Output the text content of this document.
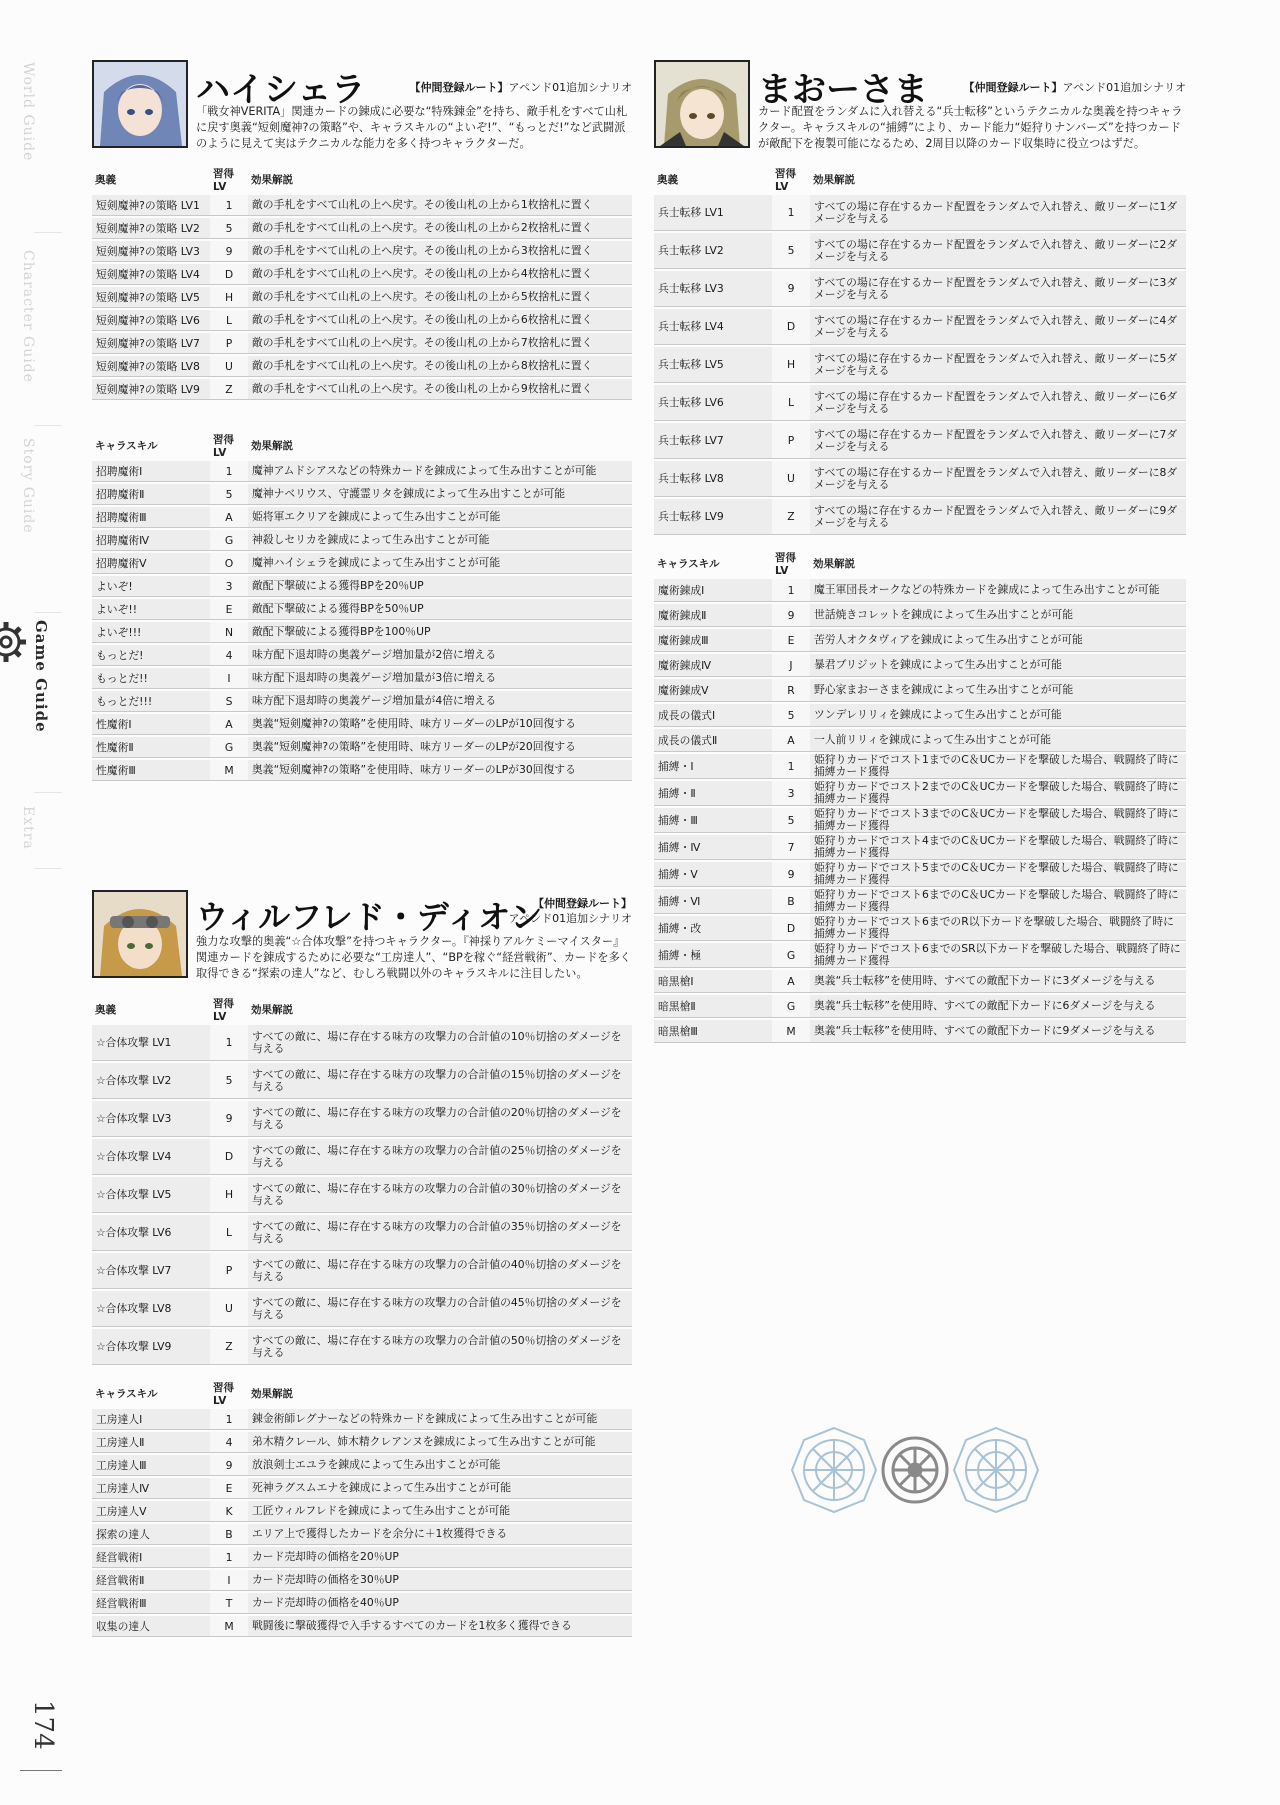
World Guide
Character Guide
Story Guide
Game Guide
Extra
174
ハイシェラ	【仲間登録ルート】アペンド01追加シナリオ
「戦女神VERITA」関連カードの錬成に必要な“特殊錬金”を持ち、敵手札をすべて山札に戻す奥義“短剣魔神?の策略”や、キャラスキルの“よいぞ!”、“もっとだ!”など武闘派のように見えて実はテクニカルな能力を多く持つキャラクターだ。
奥義	習得LV	効果解説
短剣魔神?の策略 LV1	1	敵の手札をすべて山札の上へ戻す。その後山札の上から1枚捨札に置く
短剣魔神?の策略 LV2	5	敵の手札をすべて山札の上へ戻す。その後山札の上から2枚捨札に置く
短剣魔神?の策略 LV3	9	敵の手札をすべて山札の上へ戻す。その後山札の上から3枚捨札に置く
短剣魔神?の策略 LV4	D	敵の手札をすべて山札の上へ戻す。その後山札の上から4枚捨札に置く
短剣魔神?の策略 LV5	H	敵の手札をすべて山札の上へ戻す。その後山札の上から5枚捨札に置く
短剣魔神?の策略 LV6	L	敵の手札をすべて山札の上へ戻す。その後山札の上から6枚捨札に置く
短剣魔神?の策略 LV7	P	敵の手札をすべて山札の上へ戻す。その後山札の上から7枚捨札に置く
短剣魔神?の策略 LV8	U	敵の手札をすべて山札の上へ戻す。その後山札の上から8枚捨札に置く
短剣魔神?の策略 LV9	Z	敵の手札をすべて山札の上へ戻す。その後山札の上から9枚捨札に置く
キャラスキル	習得LV	効果解説
招聘魔術Ⅰ	1	魔神アムドシアスなどの特殊カードを錬成によって生み出すことが可能
招聘魔術Ⅱ	5	魔神ナベリウス、守護霊リタを錬成によって生み出すことが可能
招聘魔術Ⅲ	A	姫将軍エクリアを錬成によって生み出すことが可能
招聘魔術Ⅳ	G	神殺しセリカを錬成によって生み出すことが可能
招聘魔術Ⅴ	O	魔神ハイシェラを錬成によって生み出すことが可能
よいぞ!	3	敵配下撃破による獲得BPを20％UP
よいぞ!!	E	敵配下撃破による獲得BPを50％UP
よいぞ!!!	N	敵配下撃破による獲得BPを100％UP
もっとだ!	4	味方配下退却時の奥義ゲージ増加量が2倍に増える
もっとだ!!	I	味方配下退却時の奥義ゲージ増加量が3倍に増える
もっとだ!!!	S	味方配下退却時の奥義ゲージ増加量が4倍に増える
性魔術Ⅰ	A	奥義“短剣魔神?の策略”を使用時、味方リーダーのLPが10回復する
性魔術Ⅱ	G	奥義“短剣魔神?の策略”を使用時、味方リーダーのLPが20回復する
性魔術Ⅲ	M	奥義“短剣魔神?の策略”を使用時、味方リーダーのLPが30回復する
ウィルフレド・ディオン
【仲間登録ルート】
アペンド01追加シナリオ
強力な攻撃的奥義“☆合体攻撃”を持つキャラクター。『神採りアルケミーマイスター』関連カードを錬成するために必要な“工房達人”、“BPを稼ぐ“経営戦術”、カードを多く取得できる“探索の達人”など、むしろ戦闘以外のキャラスキルに注目したい。
奥義	習得LV	効果解説
☆合体攻撃 LV1	1	すべての敵に、場に存在する味方の攻撃力の合計値の10％切捨のダメージを与える
☆合体攻撃 LV2	5	すべての敵に、場に存在する味方の攻撃力の合計値の15％切捨のダメージを与える
☆合体攻撃 LV3	9	すべての敵に、場に存在する味方の攻撃力の合計値の20％切捨のダメージを与える
☆合体攻撃 LV4	D	すべての敵に、場に存在する味方の攻撃力の合計値の25％切捨のダメージを与える
☆合体攻撃 LV5	H	すべての敵に、場に存在する味方の攻撃力の合計値の30％切捨のダメージを与える
☆合体攻撃 LV6	L	すべての敵に、場に存在する味方の攻撃力の合計値の35％切捨のダメージを与える
☆合体攻撃 LV7	P	すべての敵に、場に存在する味方の攻撃力の合計値の40％切捨のダメージを与える
☆合体攻撃 LV8	U	すべての敵に、場に存在する味方の攻撃力の合計値の45％切捨のダメージを与える
☆合体攻撃 LV9	Z	すべての敵に、場に存在する味方の攻撃力の合計値の50％切捨のダメージを与える
キャラスキル	習得LV	効果解説
工房達人Ⅰ	1	錬金術師レグナーなどの特殊カードを錬成によって生み出すことが可能
工房達人Ⅱ	4	弟木精クレール、姉木精クレアンヌを錬成によって生み出すことが可能
工房達人Ⅲ	9	放浪剣士エユラを錬成によって生み出すことが可能
工房達人Ⅳ	E	死神ラグスムエナを錬成によって生み出すことが可能
工房達人Ⅴ	K	工匠ウィルフレドを錬成によって生み出すことが可能
探索の達人	B	エリア上で獲得したカードを余分に＋1枚獲得できる
経営戦術Ⅰ	1	カード売却時の価格を20％UP
経営戦術Ⅱ	I	カード売却時の価格を30％UP
経営戦術Ⅲ	T	カード売却時の価格を40％UP
収集の達人	M	戦闘後に撃破獲得で入手するすべてのカードを1枚多く獲得できる
まおーさま	【仲間登録ルート】アペンド01追加シナリオ
カード配置をランダムに入れ替える“兵士転移”というテクニカルな奥義を持つキャラクター。キャラスキルの“捕縛”により、カード能力“姫狩りナンバーズ”を持つカードが敵配下を複製可能になるため、2周目以降のカード収集時に役立つはずだ。
奥義	習得LV	効果解説
兵士転移 LV1	1	すべての場に存在するカード配置をランダムで入れ替え、敵リーダーに1ダメージを与える
兵士転移 LV2	5	すべての場に存在するカード配置をランダムで入れ替え、敵リーダーに2ダメージを与える
兵士転移 LV3	9	すべての場に存在するカード配置をランダムで入れ替え、敵リーダーに3ダメージを与える
兵士転移 LV4	D	すべての場に存在するカード配置をランダムで入れ替え、敵リーダーに4ダメージを与える
兵士転移 LV5	H	すべての場に存在するカード配置をランダムで入れ替え、敵リーダーに5ダメージを与える
兵士転移 LV6	L	すべての場に存在するカード配置をランダムで入れ替え、敵リーダーに6ダメージを与える
兵士転移 LV7	P	すべての場に存在するカード配置をランダムで入れ替え、敵リーダーに7ダメージを与える
兵士転移 LV8	U	すべての場に存在するカード配置をランダムで入れ替え、敵リーダーに8ダメージを与える
兵士転移 LV9	Z	すべての場に存在するカード配置をランダムで入れ替え、敵リーダーに9ダメージを与える
キャラスキル	習得LV	効果解説
魔術錬成Ⅰ	1	魔王軍団長オークなどの特殊カードを錬成によって生み出すことが可能
魔術錬成Ⅱ	9	世話焼きコレットを錬成によって生み出すことが可能
魔術錬成Ⅲ	E	苦労人オクタヴィアを錬成によって生み出すことが可能
魔術錬成Ⅳ	J	暴君ブリジットを錬成によって生み出すことが可能
魔術錬成Ⅴ	R	野心家まおーさまを錬成によって生み出すことが可能
成長の儀式Ⅰ	5	ツンデレリリィを錬成によって生み出すことが可能
成長の儀式Ⅱ	A	一人前リリィを錬成によって生み出すことが可能
捕縛・Ⅰ	1	姫狩りカードでコスト1までのC＆UCカードを撃破した場合、戦闘終了時に捕縛カード獲得
捕縛・Ⅱ	3	姫狩りカードでコスト2までのC＆UCカードを撃破した場合、戦闘終了時に捕縛カード獲得
捕縛・Ⅲ	5	姫狩りカードでコスト3までのC＆UCカードを撃破した場合、戦闘終了時に捕縛カード獲得
捕縛・Ⅳ	7	姫狩りカードでコスト4までのC＆UCカードを撃破した場合、戦闘終了時に捕縛カード獲得
捕縛・Ⅴ	9	姫狩りカードでコスト5までのC＆UCカードを撃破した場合、戦闘終了時に捕縛カード獲得
捕縛・Ⅵ	B	姫狩りカードでコスト6までのC＆UCカードを撃破した場合、戦闘終了時に捕縛カード獲得
捕縛・改	D	姫狩りカードでコスト6までのR以下カードを撃破した場合、戦闘終了時に捕縛カード獲得
捕縛・極	G	姫狩りカードでコスト6までのSR以下カードを撃破した場合、戦闘終了時に捕縛カード獲得
暗黒槍Ⅰ	A	奥義“兵士転移”を使用時、すべての敵配下カードに3ダメージを与える
暗黒槍Ⅱ	G	奥義“兵士転移”を使用時、すべての敵配下カードに6ダメージを与える
暗黒槍Ⅲ	M	奥義“兵士転移”を使用時、すべての敵配下カードに9ダメージを与える
